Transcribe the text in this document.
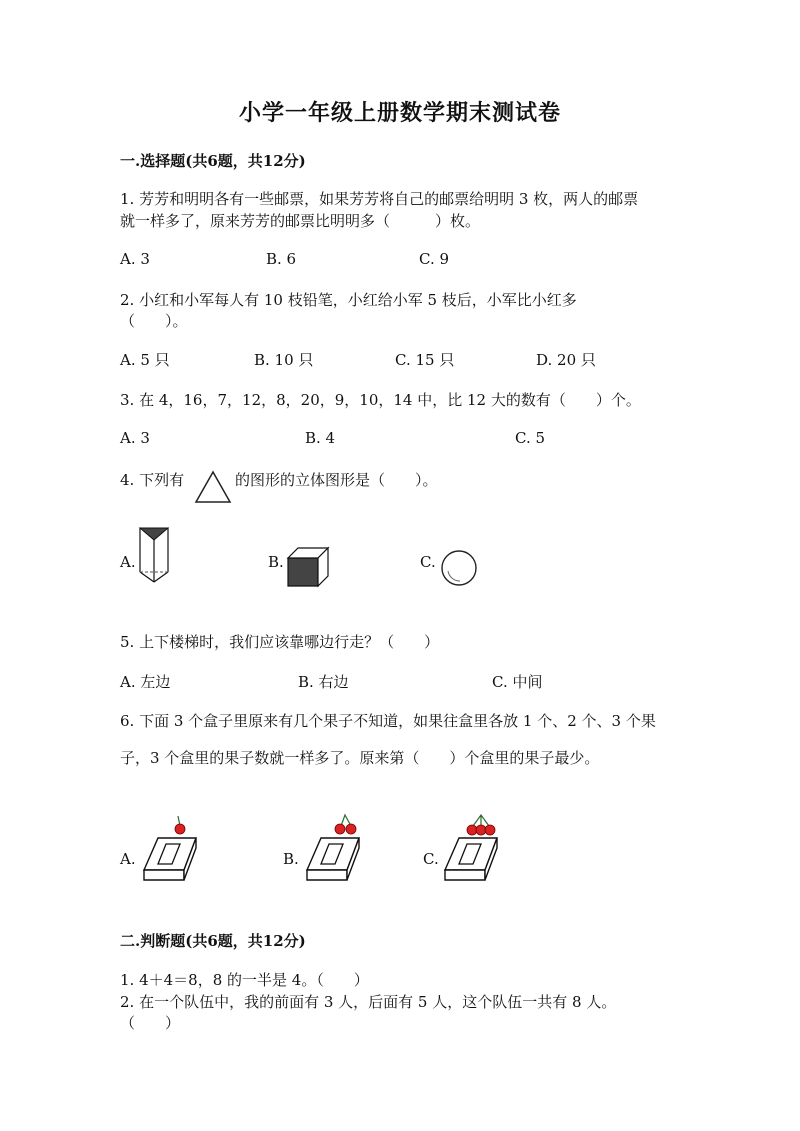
小学一年级上册数学期末测试卷
一.选择题(共6题，共12分)
1. 芳芳和明明各有一些邮票，如果芳芳将自己的邮票给明明 3 枚，两人的邮票
就一样多了，原来芳芳的邮票比明明多（　　　）枚。
A. 3	B. 6	C. 9
2. 小红和小军每人有 10 枝铅笔，小红给小军 5 枝后，小军比小红多
（　　）。
A. 5 只	B. 10 只	C. 15 只	D. 20 只
3. 在 4，16，7，12，8，20，9，10，14 中，比 12 大的数有（　　）个。
A. 3	B. 4	C. 5
4. 下列有	的图形的立体图形是（　　）。
A.	B.	C.
5. 上下楼梯时，我们应该靠哪边行走？（　　）
A. 左边	B. 右边	C. 中间
6. 下面 3 个盒子里原来有几个果子不知道，如果往盒里各放 1 个、2 个、3 个果
子，3 个盒里的果子数就一样多了。原来第（　　）个盒里的果子最少。
A.	B.	C.
二.判断题(共6题，共12分)
1. 4＋4＝8，8 的一半是 4。（　　）
2. 在一个队伍中，我的前面有 3 人，后面有 5 人，这个队伍一共有 8 人。
（　　）
